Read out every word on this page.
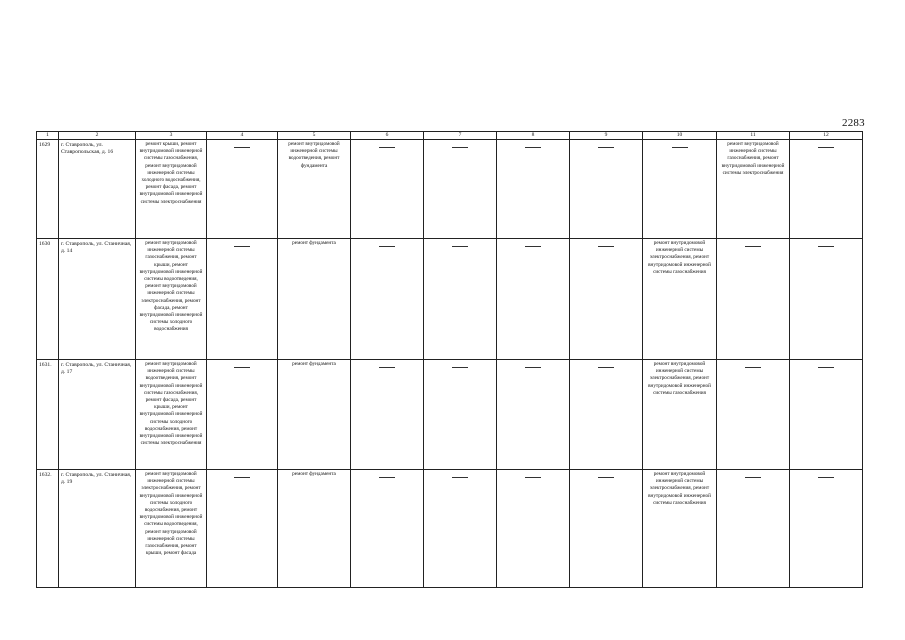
2283
1	2	3	4	5	6	7	8	9	10	11	12

1629	г. Ставрополь, ул. Ставропольская, д. 16	ремонт крыши, ремонт внутридомовой инженерной системы газоснабжения, ремонт внутридомовой инженерной системы холодного водоснабжения, ремонт фасада, ремонт внутридомовой инженерной системы электроснабжения		ремонт внутридомовой инженерной системы водоотведения, ремонт фундамента						ремонт внутридомовой инженерной системы газоснабжения, ремонт внутридомовой инженерной системы электроснабжения	

1630	г. Ставрополь, ул. Станичная, д. 14	ремонт внутридомовой инженерной системы газоснабжения, ремонт крыши, ремонт внутридомовой инженерной системы водоотведения, ремонт внутридомовой инженерной системы электроснабжения, ремонт фасада, ремонт внутридомовой инженерной системы холодного водоснабжения		ремонт фундамента					ремонт внутридомовой инженерной системы электроснабжения, ремонт внутридомовой инженерной системы газоснабжения		

1631.	г. Ставрополь, ул. Станичная, д. 17	ремонт внутридомовой инженерной системы водоотведения, ремонт внутридомовой инженерной системы газоснабжения, ремонт фасада, ремонт крыши, ремонт внутридомовой инженерной системы холодного водоснабжения, ремонт внутридомовой инженерной системы электроснабжения		ремонт фундамента					ремонт внутридомовой инженерной системы электроснабжения, ремонт внутридомовой инженерной системы газоснабжения		

1632.	г. Ставрополь, ул. Станичная, д. 19	ремонт внутридомовой инженерной системы электроснабжения, ремонт внутридомовой инженерной системы холодного водоснабжения, ремонт внутридомовой инженерной системы водоотведения, ремонт внутридомовой инженерной системы газоснабжения, ремонт крыши, ремонт фасада		ремонт фундамента					ремонт внутридомовой инженерной системы электроснабжения, ремонт внутридомовой инженерной системы газоснабжения		
